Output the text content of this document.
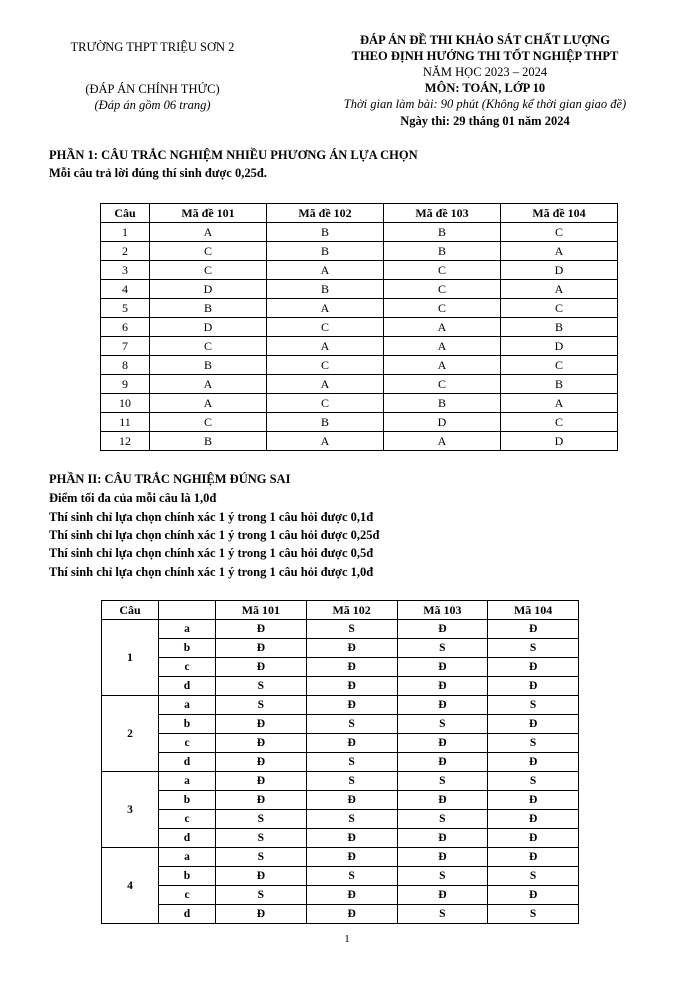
TRƯỜNG THPT TRIỆU SƠN 2
(ĐÁP ÁN CHÍNH THỨC)
(Đáp án gồm 06 trang)
ĐÁP ÁN ĐỀ THI KHẢO SÁT CHẤT LƯỢNG
THEO ĐỊNH HƯỚNG THI TỐT NGHIỆP THPT
NĂM HỌC 2023 – 2024
MÔN: TOÁN, LỚP 10
Thời gian làm bài: 90 phút (Không kể thời gian giao đề)
Ngày thi: 29 tháng 01 năm 2024
PHẦN 1: CÂU TRẮC NGHIỆM NHIỀU PHƯƠNG ÁN LỰA CHỌN
Mỗi câu trả lời đúng thí sinh được 0,25đ.
Câu	Mã đề 101	Mã đề 102	Mã đề 103	Mã đề 104
1	A	B	B	C
2	C	B	B	A
3	C	A	C	D
4	D	B	C	A
5	B	A	C	C
6	D	C	A	B
7	C	A	A	D
8	B	C	A	C
9	A	A	C	B
10	A	C	B	A
11	C	B	D	C
12	B	A	A	D
PHẦN II: CÂU TRẮC NGHIỆM ĐÚNG SAI
Điểm tối đa của mỗi câu là 1,0đ
Thí sinh chỉ lựa chọn chính xác 1 ý trong 1 câu hỏi được 0,1đ
Thí sinh chỉ lựa chọn chính xác 1 ý trong 1 câu hỏi được 0,25đ
Thí sinh chỉ lựa chọn chính xác 1 ý trong 1 câu hỏi được 0,5đ
Thí sinh chỉ lựa chọn chính xác 1 ý trong 1 câu hỏi được 1,0đ
Câu		Mã 101	Mã 102	Mã 103	Mã 104
1	a	Đ	S	Đ	Đ
	b	Đ	Đ	S	S
	c	Đ	Đ	Đ	Đ
	d	S	Đ	Đ	Đ
2	a	S	Đ	Đ	S
	b	Đ	S	S	Đ
	c	Đ	Đ	Đ	S
	d	Đ	S	Đ	Đ
3	a	Đ	S	S	S
	b	Đ	Đ	Đ	Đ
	c	S	S	S	Đ
	d	S	Đ	Đ	Đ
4	a	S	Đ	Đ	Đ
	b	Đ	S	S	S
	c	S	Đ	Đ	Đ
	d	Đ	Đ	S	S
1
